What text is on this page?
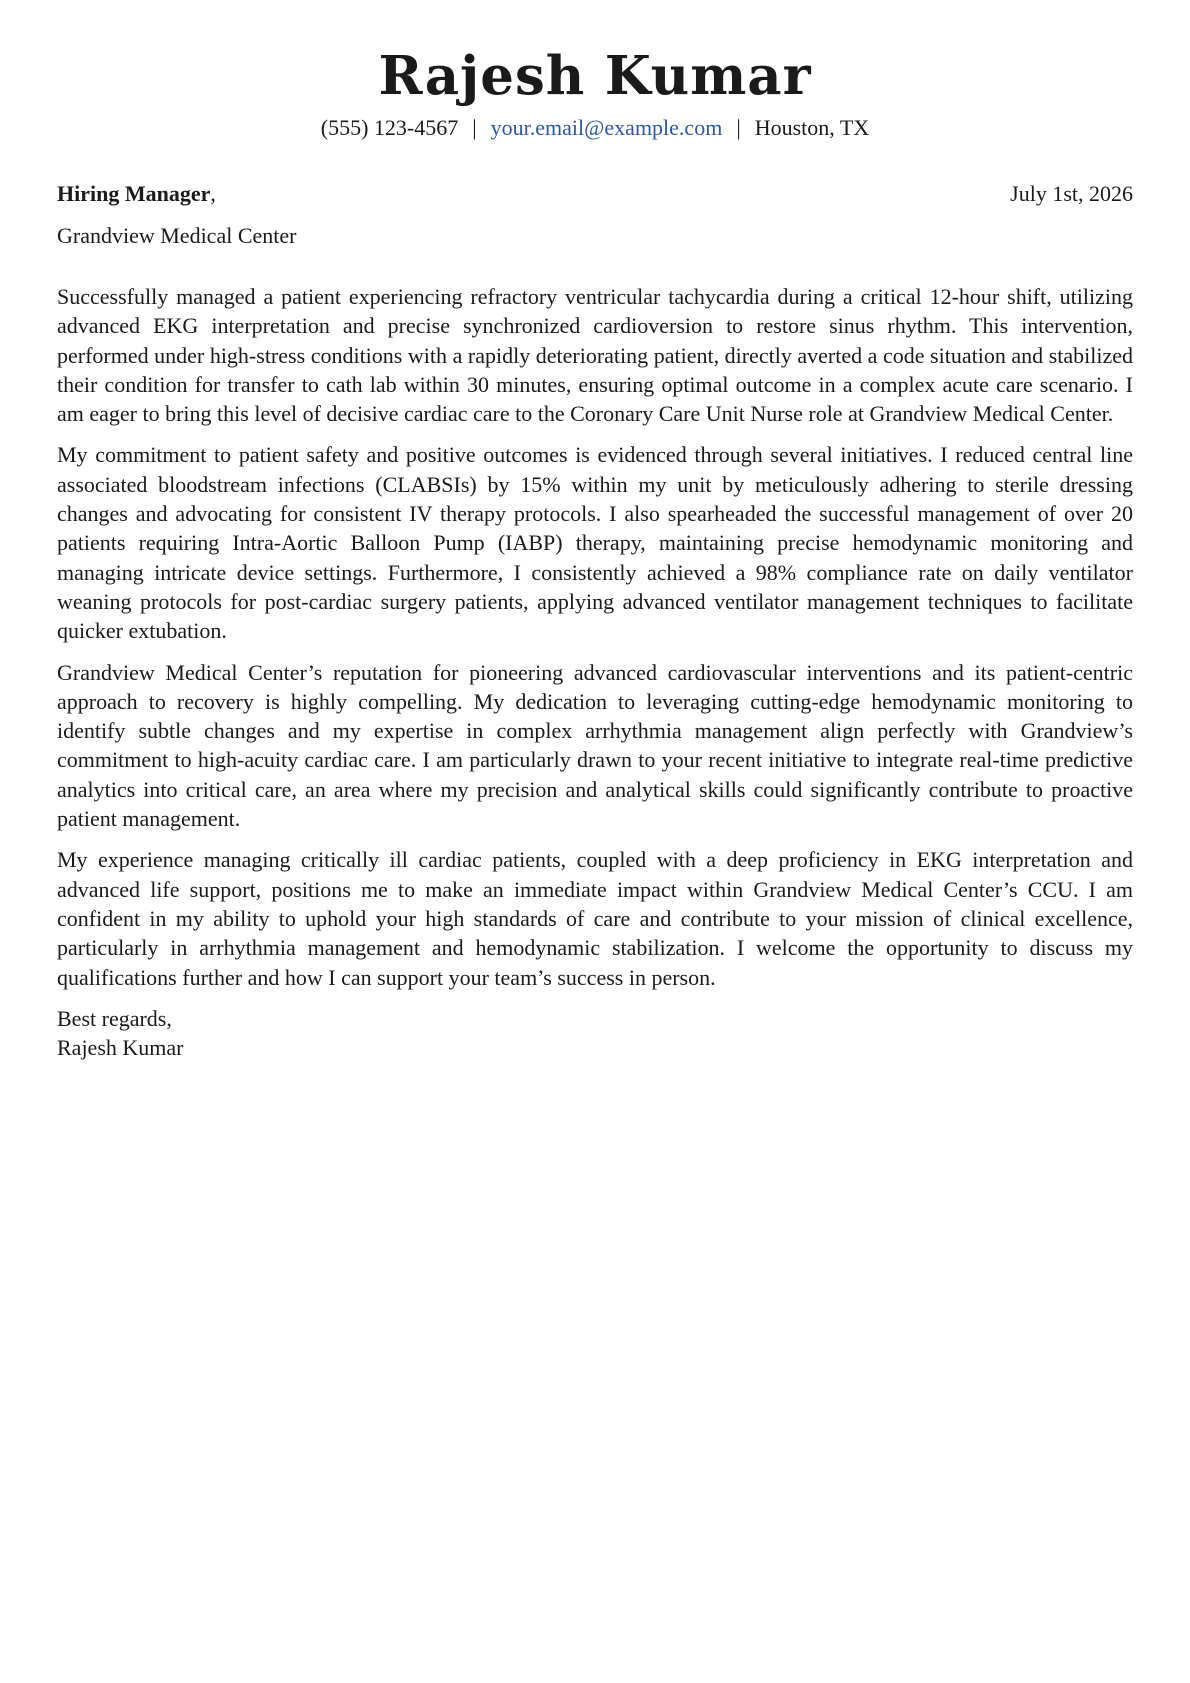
Rajesh Kumar
(555) 123-4567 | your.email@example.com | Houston, TX
Hiring Manager,	July 1st, 2026
Grandview Medical Center

Successfully managed a patient experiencing refractory ventricular tachycardia during a critical 12-hour shift, utilizing advanced EKG interpretation and precise synchronized cardioversion to restore sinus rhythm. This intervention, performed under high-stress conditions with a rapidly deteriorating patient, directly averted a code situation and stabilized their condition for transfer to cath lab within 30 minutes, ensuring optimal outcome in a complex acute care scenario. I am eager to bring this level of decisive cardiac care to the Coronary Care Unit Nurse role at Grandview Medical Center.

My commitment to patient safety and positive outcomes is evidenced through several initiatives. I reduced central line associated bloodstream infections (CLABSIs) by 15% within my unit by meticulously adhering to sterile dressing changes and advocating for consistent IV therapy protocols. I also spearheaded the successful management of over 20 patients requiring Intra-Aortic Balloon Pump (IABP) therapy, maintaining precise hemodynamic monitoring and managing intricate device settings. Furthermore, I consistently achieved a 98% compliance rate on daily ventilator weaning protocols for post-cardiac surgery patients, applying advanced ventilator management techniques to facilitate quicker extubation.

Grandview Medical Center’s reputation for pioneering advanced cardiovascular interventions and its patient-centric approach to recovery is highly compelling. My dedication to leveraging cutting-edge hemodynamic monitoring to identify subtle changes and my expertise in complex arrhythmia management align perfectly with Grandview’s commitment to high-acuity cardiac care. I am particularly drawn to your recent initiative to integrate real-time predictive analytics into critical care, an area where my precision and analytical skills could significantly contribute to proactive patient management.

My experience managing critically ill cardiac patients, coupled with a deep proficiency in EKG interpretation and advanced life support, positions me to make an immediate impact within Grandview Medical Center’s CCU. I am confident in my ability to uphold your high standards of care and contribute to your mission of clinical excellence, particularly in arrhythmia management and hemodynamic stabilization. I welcome the opportunity to discuss my qualifications further and how I can support your team’s success in person.

Best regards,
Rajesh Kumar
